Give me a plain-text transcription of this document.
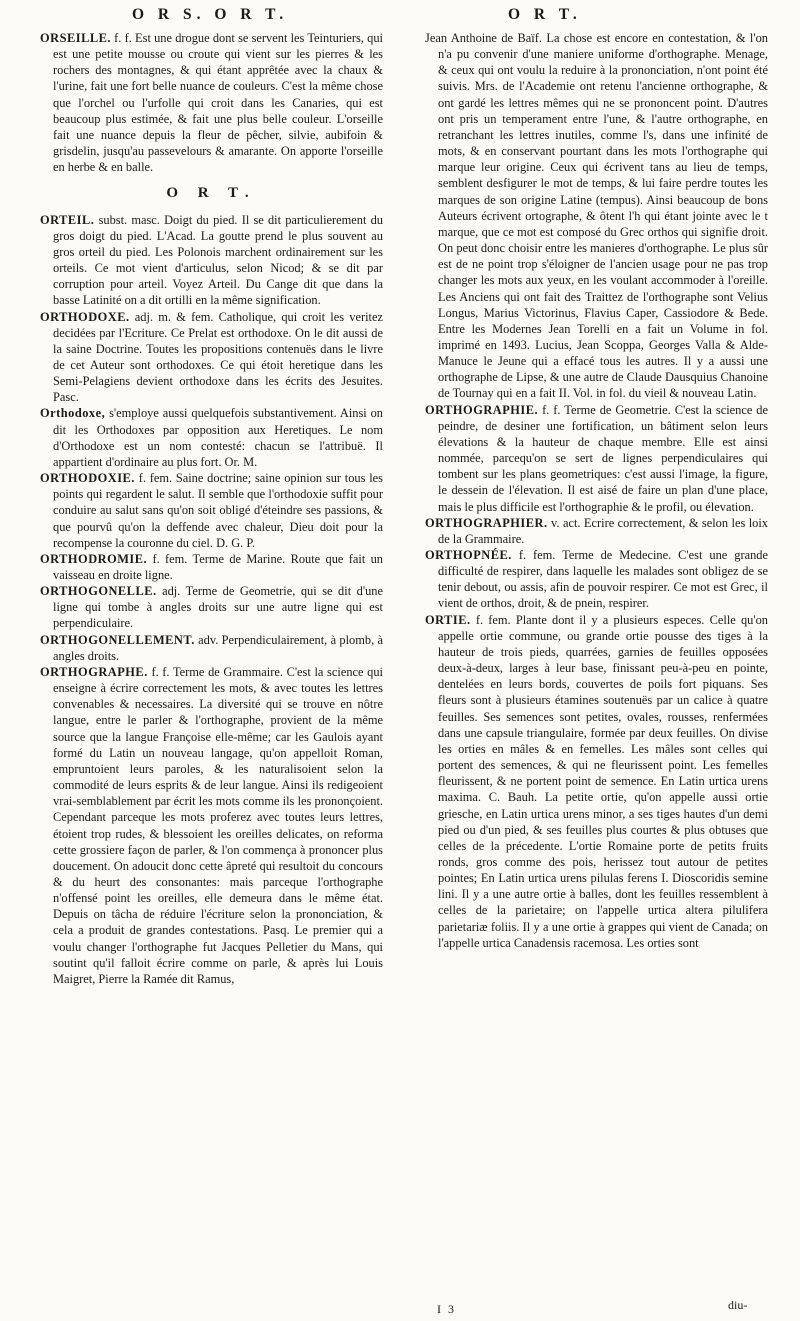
O R S. O R T.	O R T.

ORSEILLE. f. f. Est une drogue dont se servent les Teinturiers, qui est une petite mousse ou croute qui vient sur les pierres & les rochers des montagnes, & qui étant apprêtée avec la chaux & l'urine, fait une fort belle nuance de couleurs. C'est la même chose que l'orchel ou l'urfolle qui croit dans les Canaries, qui est beaucoup plus estimée, & fait une plus belle couleur. L'orseille fait une nuance depuis la fleur de pêcher, silvie, aubifoin & grisdelin, jusqu'au passevelours & amarante. On apporte l'orseille en herbe & en balle.

O R T.

ORTEIL. subst. masc. Doigt du pied. Il se dit particulierement du gros doigt du pied. L'Acad. La goutte prend le plus souvent au gros orteil du pied. Les Polonois marchent ordinairement sur les orteils. Ce mot vient d'articulus, selon Nicod; & se dit par corruption pour arteil. Voyez Arteil. Du Cange dit que dans la basse Latinité on a dit ortilli en la même signification.

ORTHODOXE. adj. m. & fem. Catholique, qui croit les veritez decidées par l'Ecriture. Ce Prelat est orthodoxe. On le dit aussi de la saine Doctrine. Toutes les propositions contenuës dans le livre de cet Auteur sont orthodoxes. Ce qui étoit heretique dans les Semi-Pelagiens devient orthodoxe dans les écrits des Jesuites. Pasc.

Orthodoxe, s'employe aussi quelquefois substantivement. Ainsi on dit les Orthodoxes par opposition aux Heretiques. Le nom d'Orthodoxe est un nom contesté: chacun se l'attribuë. Il appartient d'ordinaire au plus fort. Or. M.

ORTHODOXIE. f. fem. Saine doctrine; saine opinion sur tous les points qui regardent le salut. Il semble que l'orthodoxie suffit pour conduire au salut sans qu'on soit obligé d'éteindre ses passions, & que pourvû qu'on la deffende avec chaleur, Dieu doit pour la recompense la couronne du ciel. D. G. P.

ORTHODROMIE. f. fem. Terme de Marine. Route que fait un vaisseau en droite ligne.

ORTHOGONELLE. adj. Terme de Geometrie, qui se dit d'une ligne qui tombe à angles droits sur une autre ligne qui est perpendiculaire.

ORTHOGONELLEMENT. adv. Perpendiculairement, à plomb, à angles droits.

ORTHOGRAPHE. f. f. Terme de Grammaire. C'est la science qui enseigne à écrire correctement les mots, & avec toutes les lettres convenables & necessaires. La diversité qui se trouve en nôtre langue, entre le parler & l'orthographe, provient de la même source que la langue Françoise elle-même; car les Gaulois ayant formé du Latin un nouveau langage, qu'on appelloit Roman, empruntoient leurs paroles, & les naturalisoient selon la commodité de leurs esprits & de leur langue. Ainsi ils redigeoient vrai-semblablement par écrit les mots comme ils les prononçoient. Cependant parceque les mots proferez avec toutes leurs lettres, étoient trop rudes, & blessoient les oreilles delicates, on reforma cette grossiere façon de parler, & l'on commença à prononcer plus doucement. On adoucit donc cette âpreté qui resultoit du concours & du heurt des consonantes: mais parceque l'orthographe n'offensé point les oreilles, elle demeura dans le même état. Depuis on tâcha de réduire l'écriture selon la prononciation, & cela a produit de grandes contestations. Pasq. Le premier qui a voulu changer l'orthographe fut Jacques Pelletier du Mans, qui soutint qu'il falloit écrire comme on parle, & après lui Louis Maigret, Pierre la Ramée dit Ramus,

Jean Anthoine de Baïf. La chose est encore en contestation, & l'on n'a pu convenir d'une maniere uniforme d'orthographe. Menage, & ceux qui ont voulu la reduire à la prononciation, n'ont point été suivis. Mrs. de l'Academie ont retenu l'ancienne orthographe, & ont gardé les lettres mêmes qui ne se prononcent point. D'autres ont pris un temperament entre l'une, & l'autre orthographe, en retranchant les lettres inutiles, comme l's, dans une infinité de mots, & en conservant pourtant dans les mots l'orthographe qui marque leur origine. Ceux qui écrivent tans au lieu de temps, semblent desfigurer le mot de temps, & lui faire perdre toutes les marques de son origine Latine (tempus). Ainsi beaucoup de bons Auteurs écrivent ortographe, & ôtent l'h qui étant jointe avec le t marque, que ce mot est composé du Grec orthos qui signifie droit. On peut donc choisir entre les manieres d'orthographe. Le plus sûr est de ne point trop s'éloigner de l'ancien usage pour ne pas trop changer les mots aux yeux, en les voulant accommoder à l'oreille. Les Anciens qui ont fait des Traittez de l'orthographe sont Velius Longus, Marius Victorinus, Flavius Caper, Cassiodore & Bede. Entre les Modernes Jean Torelli en a fait un Volume in fol. imprimé en 1493. Lucius, Jean Scoppa, Georges Valla & Alde-Manuce le Jeune qui a effacé tous les autres. Il y a aussi une orthographe de Lipse, & une autre de Claude Dausquius Chanoine de Tournay qui en a fait II. Vol. in fol. du vieil & nouveau Latin.

ORTHOGRAPHIE. f. f. Terme de Geometrie. C'est la science de peindre, de desiner une fortification, un bâtiment selon leurs élevations & la hauteur de chaque membre. Elle est ainsi nommée, parcequ'on se sert de lignes perpendiculaires qui tombent sur les plans geometriques: c'est aussi l'image, la figure, le dessein de l'élevation. Il est aisé de faire un plan d'une place, mais le plus difficile est l'orthographie & le profil, ou élevation.

ORTHOGRAPHIER. v. act. Ecrire correctement, & selon les loix de la Grammaire.

ORTHOPNÉE. f. fem. Terme de Medecine. C'est une grande difficulté de respirer, dans laquelle les malades sont obligez de se tenir debout, ou assis, afin de pouvoir respirer. Ce mot est Grec, il vient de orthos, droit, & de pnein, respirer.

ORTIE. f. fem. Plante dont il y a plusieurs especes. Celle qu'on appelle ortie commune, ou grande ortie pousse des tiges à la hauteur de trois pieds, quarrées, garnies de feuilles opposées deux-à-deux, larges à leur base, finissant peu-à-peu en pointe, dentelées en leurs bords, couvertes de poils fort piquans. Ses fleurs sont à plusieurs étamines soutenuës par un calice à quatre feuilles. Ses semences sont petites, ovales, rousses, renfermées dans une capsule triangulaire, formée par deux feuilles. On divise les orties en mâles & en femelles. Les mâles sont celles qui portent des semences, & qui ne fleurissent point. Les femelles fleurissent, & ne portent point de semence. En Latin urtica urens maxima. C. Bauh. La petite ortie, qu'on appelle aussi ortie griesche, en Latin urtica urens minor, a ses tiges hautes d'un demi pied ou d'un pied, & ses feuilles plus courtes & plus obtuses que celles de la précedente. L'ortie Romaine porte de petits fruits ronds, gros comme des pois, herissez tout autour de petites pointes; En Latin urtica urens pilulas ferens I. Dioscoridis semine lini. Il y a une autre ortie à balles, dont les feuilles ressemblent à celles de la parietaire; on l'appelle urtica altera pilulifera parietariæ foliis. Il y a une ortie à grappes qui vient de Canada; on l'appelle urtica Canadensis racemosa. Les orties sont

I 3	diu-
